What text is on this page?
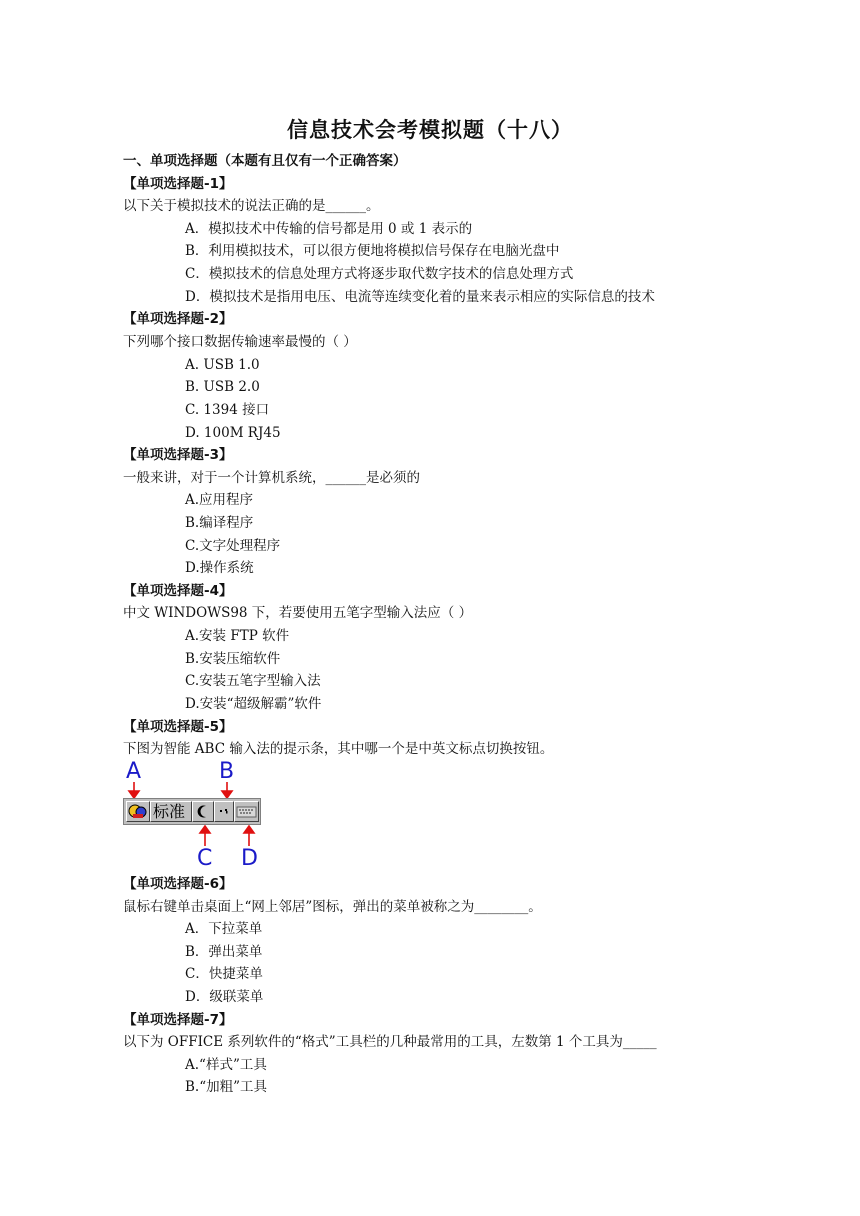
信息技术会考模拟题（十八）
一、单项选择题（本题有且仅有一个正确答案）
【单项选择题-1】
以下关于模拟技术的说法正确的是______。
A．模拟技术中传输的信号都是用 0 或 1 表示的
B．利用模拟技术，可以很方便地将模拟信号保存在电脑光盘中
C．模拟技术的信息处理方式将逐步取代数字技术的信息处理方式
D．模拟技术是指用电压、电流等连续变化着的量来表示相应的实际信息的技术
【单项选择题-2】
下列哪个接口数据传输速率最慢的（ ）
A. USB 1.0
B. USB 2.0
C. 1394 接口
D. 100M RJ45
【单项选择题-3】
一般来讲，对于一个计算机系统，______是必须的
A.应用程序
B.编译程序
C.文字处理程序
D.操作系统
【单项选择题-4】
中文 WINDOWS98 下，若要使用五笔字型输入法应（ ）
A.安装 FTP 软件
B.安装压缩软件
C.安装五笔字型输入法
D.安装“超级解霸”软件
【单项选择题-5】
下图为智能 ABC 输入法的提示条，其中哪一个是中英文标点切换按钮。
A	B
C D
标准
【单项选择题-6】
鼠标右键单击桌面上“网上邻居”图标，弹出的菜单被称之为________。
A．下拉菜单
B．弹出菜单
C．快捷菜单
D．级联菜单
【单项选择题-7】
以下为 OFFICE 系列软件的“格式”工具栏的几种最常用的工具，左数第 1 个工具为_____
A.“样式”工具
B.“加粗”工具
